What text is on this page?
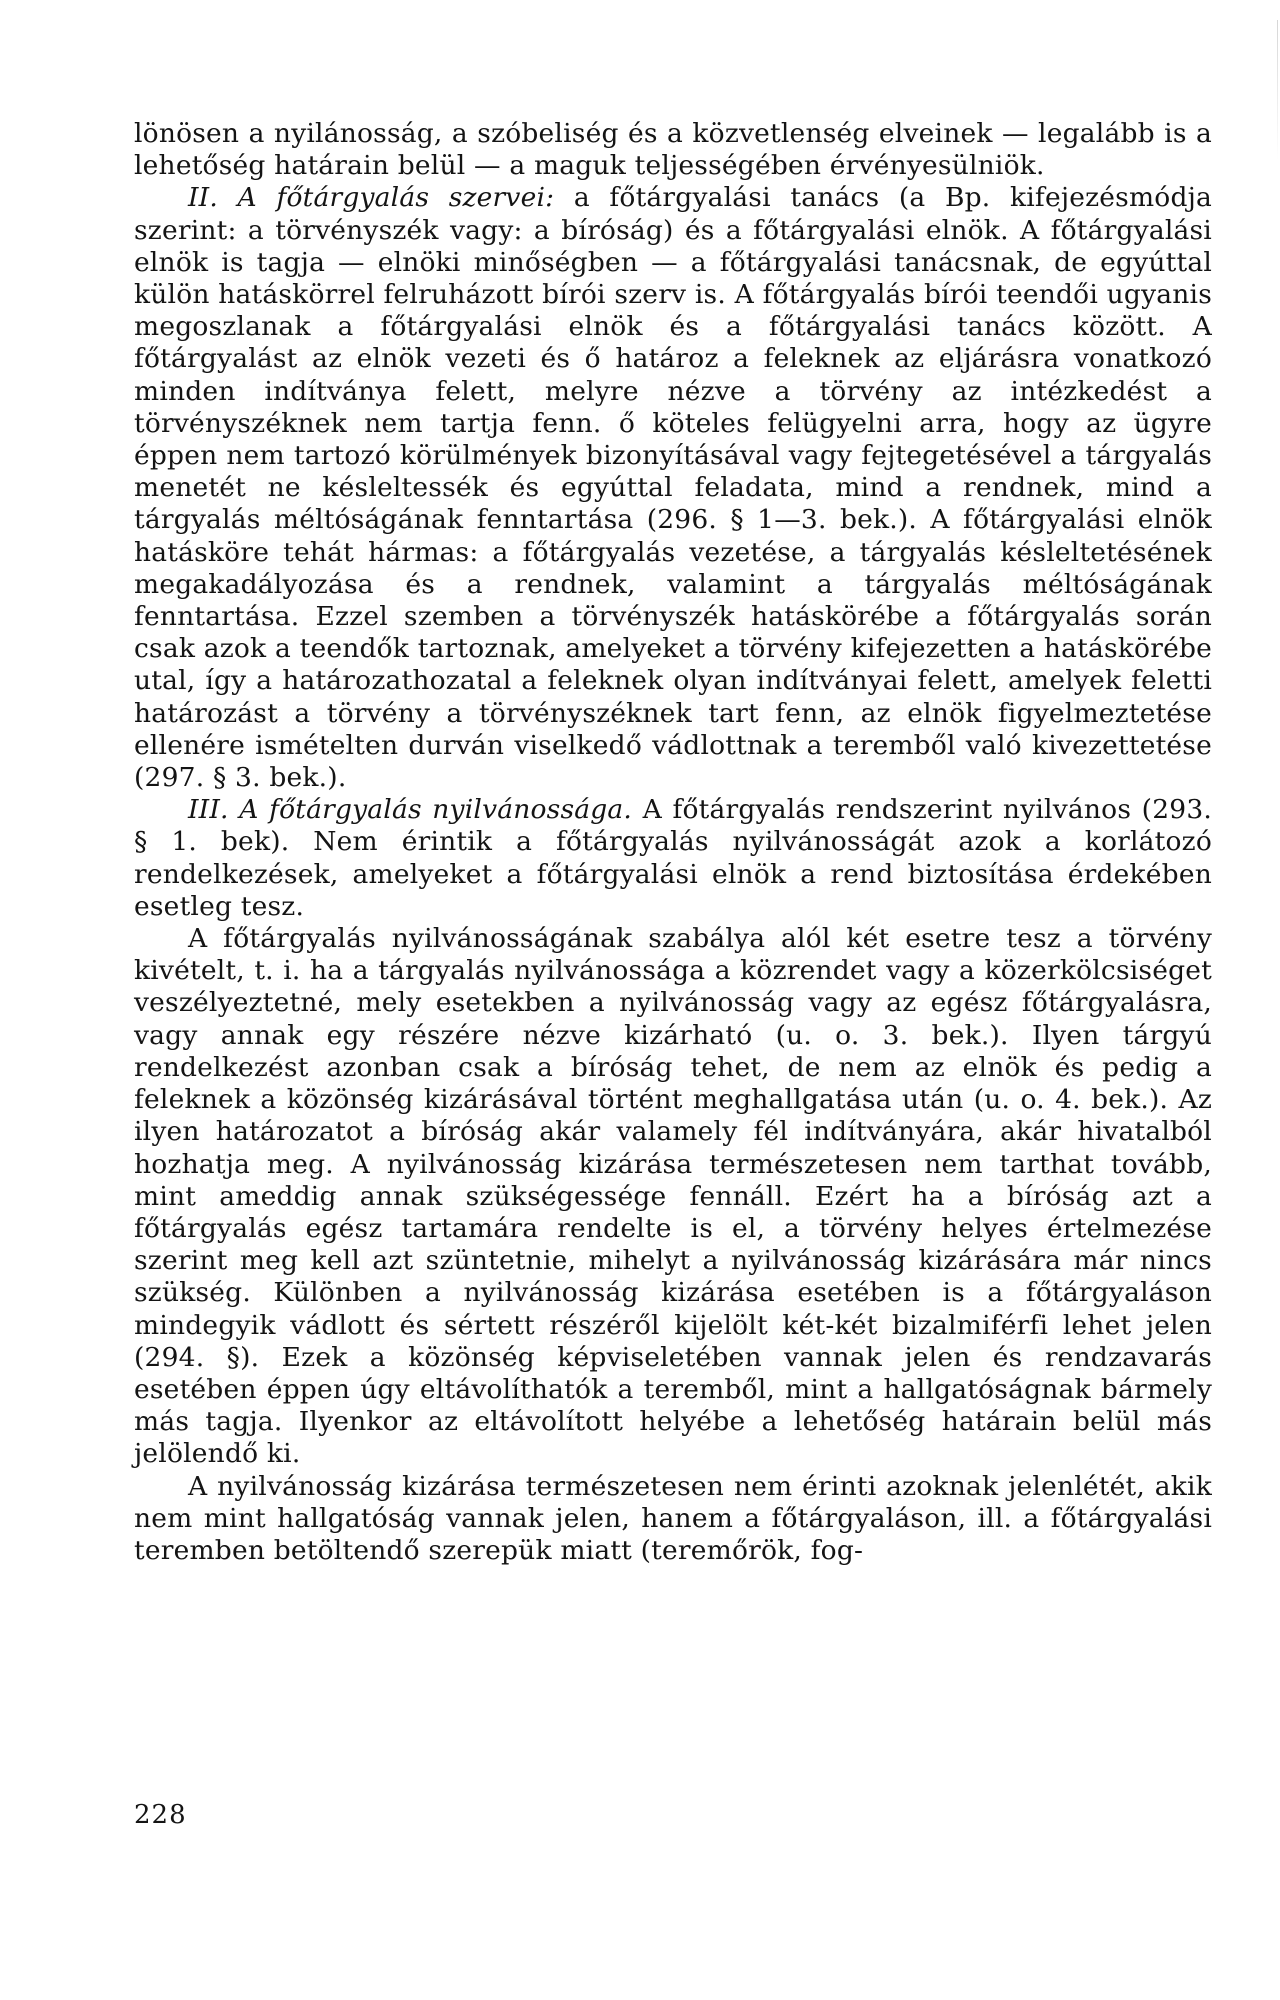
lönösen a nyilánosság, a szóbeliség és a közvetlenség elveinek — legalább is a lehetőség határain belül — a maguk teljességében érvényesülniök.

II. A főtárgyalás szervei: a főtárgyalási tanács (a Bp. kifejezésmódja szerint: a törvényszék vagy: a bíróság) és a főtárgyalási elnök. A főtárgyalási elnök is tagja — elnöki minőségben — a főtárgyalási tanácsnak, de egyúttal külön hatáskörrel felruházott bírói szerv is. A főtárgyalás bírói teendői ugyanis megoszlanak a főtárgyalási elnök és a főtárgyalási tanács között. A főtárgyalást az elnök vezeti és ő határoz a feleknek az eljárásra vonatkozó minden indítványa felett, melyre nézve a törvény az intézkedést a törvényszéknek nem tartja fenn. ő köteles felügyelni arra, hogy az ügyre éppen nem tartozó körülmények bizonyításával vagy fejtegetésével a tárgyalás menetét ne késleltessék és egyúttal feladata, mind a rendnek, mind a tárgyalás méltóságának fenntartása (296. § 1—3. bek.). A főtárgyalási elnök hatásköre tehát hármas: a főtárgyalás vezetése, a tárgyalás késleltetésének megakadályozása és a rendnek, valamint a tárgyalás méltóságának fenntartása. Ezzel szemben a törvényszék hatáskörébe a főtárgyalás során csak azok a teendők tartoznak, amelyeket a törvény kifejezetten a hatáskörébe utal, így a határozathozatal a feleknek olyan indítványai felett, amelyek feletti határozást a törvény a törvényszéknek tart fenn, az elnök figyelmeztetése ellenére ismételten durván viselkedő vádlottnak a teremből való kivezettetése (297. § 3. bek.).

III. A főtárgyalás nyilvánossága. A főtárgyalás rendszerint nyilvános (293. § 1. bek). Nem érintik a főtárgyalás nyilvánosságát azok a korlátozó rendelkezések, amelyeket a főtárgyalási elnök a rend biztosítása érdekében esetleg tesz.

A főtárgyalás nyilvánosságának szabálya alól két esetre tesz a törvény kivételt, t. i. ha a tárgyalás nyilvánossága a közrendet vagy a közerkölcsiséget veszélyeztetné, mely esetekben a nyilvánosság vagy az egész főtárgyalásra, vagy annak egy részére nézve kizárható (u. o. 3. bek.). Ilyen tárgyú rendelkezést azonban csak a bíróság tehet, de nem az elnök és pedig a feleknek a közönség kizárásával történt meghallgatása után (u. o. 4. bek.). Az ilyen határozatot a bíróság akár valamely fél indítványára, akár hivatalból hozhatja meg. A nyilvánosság kizárása természetesen nem tarthat tovább, mint ameddig annak szükségessége fennáll. Ezért ha a bíróság azt a főtárgyalás egész tartamára rendelte is el, a törvény helyes értelmezése szerint meg kell azt szüntetnie, mihelyt a nyilvánosság kizárására már nincs szükség. Különben a nyilvánosság kizárása esetében is a főtárgyaláson mindegyik vádlott és sértett részéről kijelölt két-két bizalmiférfi lehet jelen (294. §). Ezek a közönség képviseletében vannak jelen és rendzavarás esetében éppen úgy eltávolíthatók a teremből, mint a hallgatóságnak bármely más tagja. Ilyenkor az eltávolított helyébe a lehetőség határain belül más jelölendő ki.

A nyilvánosság kizárása természetesen nem érinti azoknak jelenlétét, akik nem mint hallgatóság vannak jelen, hanem a főtárgyaláson, ill. a főtárgyalási teremben betöltendő szerepük miatt (teremőrök, fog-

228
